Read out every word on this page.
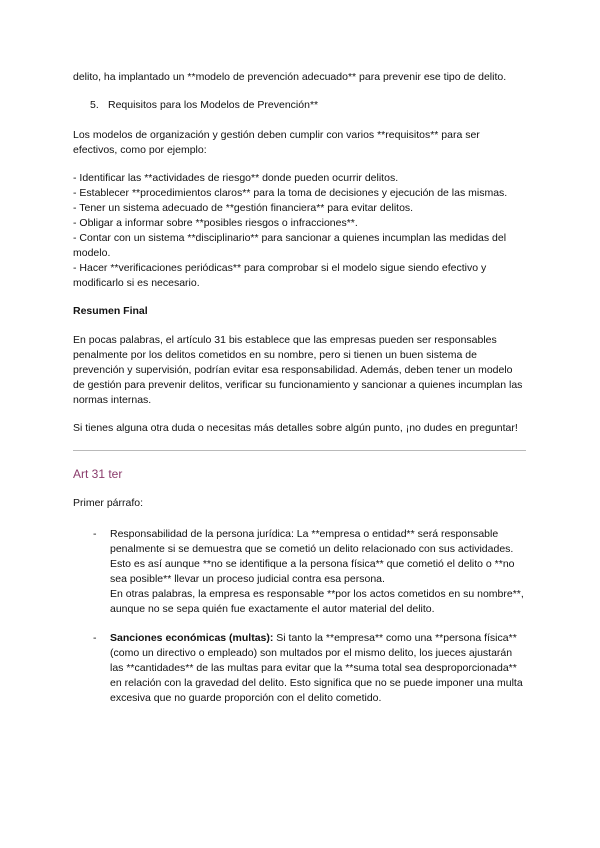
delito, ha implantado un **modelo de prevención adecuado** para prevenir ese tipo de delito.

5. Requisitos para los Modelos de Prevención**

Los modelos de organización y gestión deben cumplir con varios **requisitos** para ser efectivos, como por ejemplo:

- Identificar las **actividades de riesgo** donde pueden ocurrir delitos.
- Establecer **procedimientos claros** para la toma de decisiones y ejecución de las mismas.
- Tener un sistema adecuado de **gestión financiera** para evitar delitos.
- Obligar a informar sobre **posibles riesgos o infracciones**.
- Contar con un sistema **disciplinario** para sancionar a quienes incumplan las medidas del modelo.
- Hacer **verificaciones periódicas** para comprobar si el modelo sigue siendo efectivo y modificarlo si es necesario.

Resumen Final

En pocas palabras, el artículo 31 bis establece que las empresas pueden ser responsables penalmente por los delitos cometidos en su nombre, pero si tienen un buen sistema de prevención y supervisión, podrían evitar esa responsabilidad. Además, deben tener un modelo de gestión para prevenir delitos, verificar su funcionamiento y sancionar a quienes incumplan las normas internas.

Si tienes alguna otra duda o necesitas más detalles sobre algún punto, ¡no dudes en preguntar!

Art 31 ter

Primer párrafo:

- Responsabilidad de la persona jurídica: La **empresa o entidad** será responsable penalmente si se demuestra que se cometió un delito relacionado con sus actividades. Esto es así aunque **no se identifique a la persona física** que cometió el delito o **no sea posible** llevar un proceso judicial contra esa persona.
En otras palabras, la empresa es responsable **por los actos cometidos en su nombre**, aunque no se sepa quién fue exactamente el autor material del delito.
- Sanciones económicas (multas): Si tanto la **empresa** como una **persona física** (como un directivo o empleado) son multados por el mismo delito, los jueces ajustarán las **cantidades** de las multas para evitar que la **suma total sea desproporcionada** en relación con la gravedad del delito. Esto significa que no se puede imponer una multa excesiva que no guarde proporción con el delito cometido.
